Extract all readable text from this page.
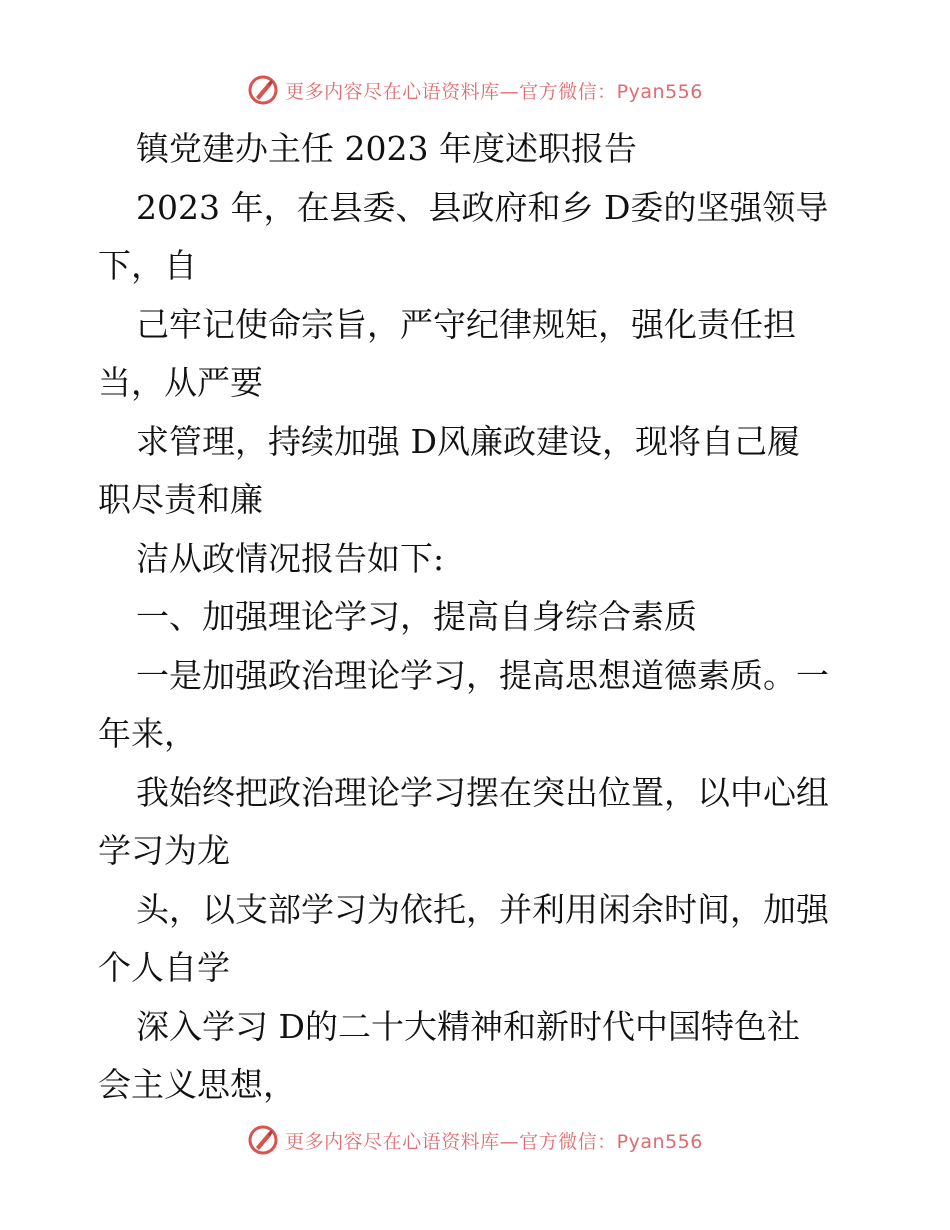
更多内容尽在心语资料库—官方微信：Pyan556
镇党建办主任 2023 年度述职报告
2023 年，在县委、县政府和乡 D委的坚强领导
下，自
己牢记使命宗旨，严守纪律规矩，强化责任担
当，从严要
求管理，持续加强 D风廉政建设，现将自己履
职尽责和廉
洁从政情况报告如下:
一、加强理论学习，提高自身综合素质
一是加强政治理论学习，提高思想道德素质。一
年来，
我始终把政治理论学习摆在突出位置，以中心组
学习为龙
头，以支部学习为依托，并利用闲余时间，加强
个人自学
深入学习 D的二十大精神和新时代中国特色社
会主义思想，
更多内容尽在心语资料库—官方微信：Pyan556
